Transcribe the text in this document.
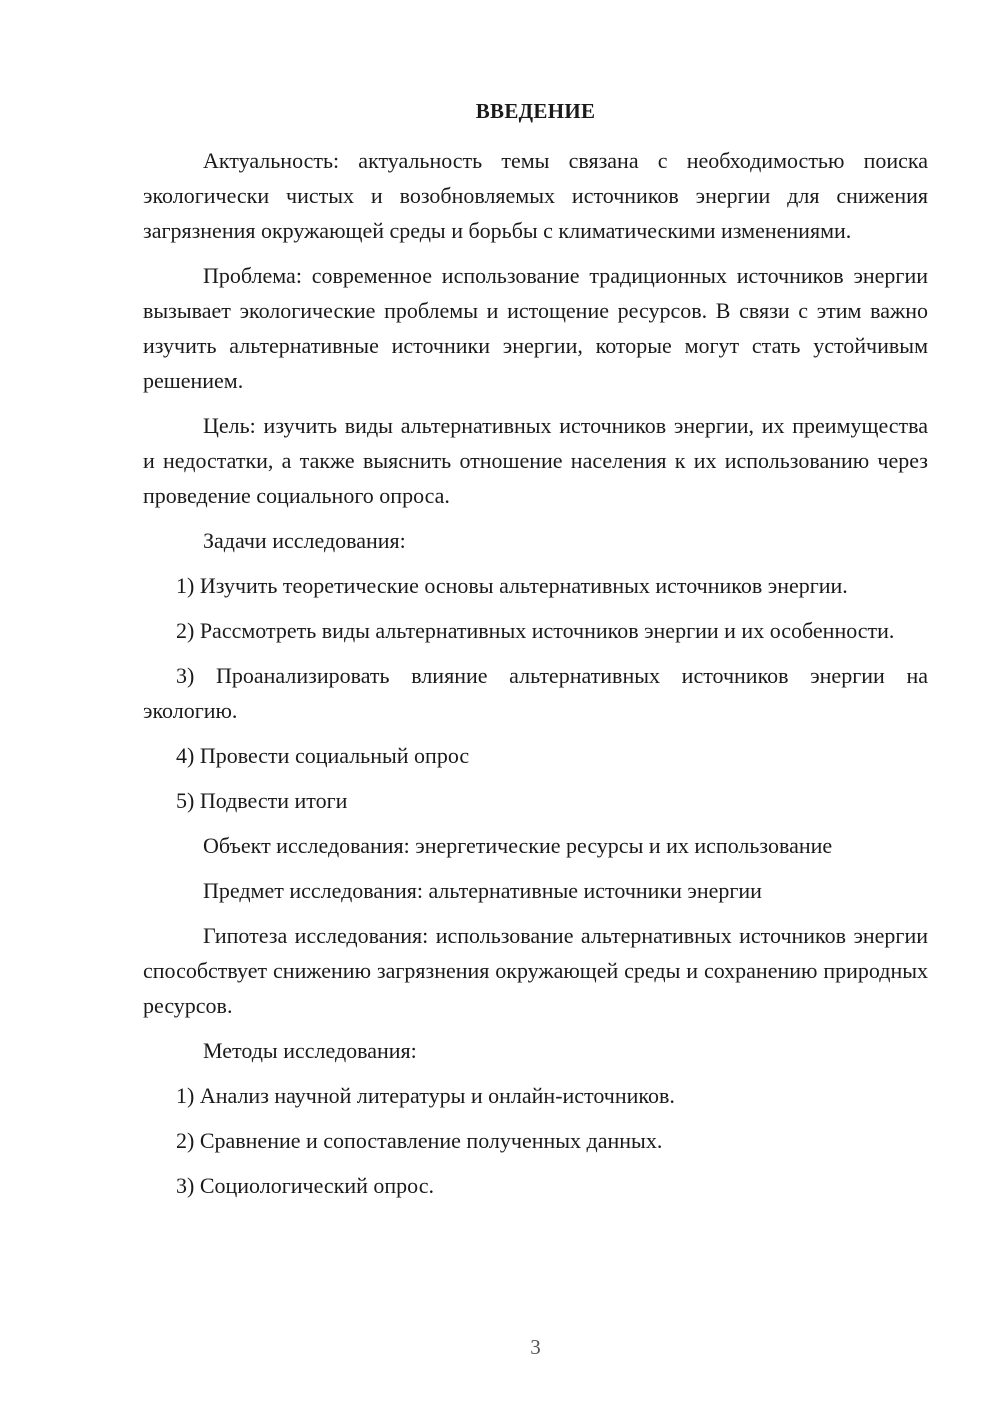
ВВЕДЕНИЕ

Актуальность: актуальность темы связана с необходимостью поиска экологически чистых и возобновляемых источников энергии для снижения загрязнения окружающей среды и борьбы с климатическими изменениями.

Проблема: современное использование традиционных источников энергии вызывает экологические проблемы и истощение ресурсов. В связи с этим важно изучить альтернативные источники энергии, которые могут стать устойчивым решением.

Цель: изучить виды альтернативных источников энергии, их преимущества и недостатки, а также выяснить отношение населения к их использованию через проведение социального опроса.

Задачи исследования:

1) Изучить теоретические основы альтернативных источников энергии.

2) Рассмотреть виды альтернативных источников энергии и их особенности.

3) Проанализировать влияние альтернативных источников энергии на экологию.

4) Провести социальный опрос

5) Подвести итоги

Объект исследования: энергетические ресурсы и их использование

Предмет исследования: альтернативные источники энергии

Гипотеза исследования: использование альтернативных источников энергии способствует снижению загрязнения окружающей среды и сохранению природных ресурсов.

Методы исследования:

1) Анализ научной литературы и онлайн-источников.

2) Сравнение и сопоставление полученных данных.

3) Социологический опрос.

3
